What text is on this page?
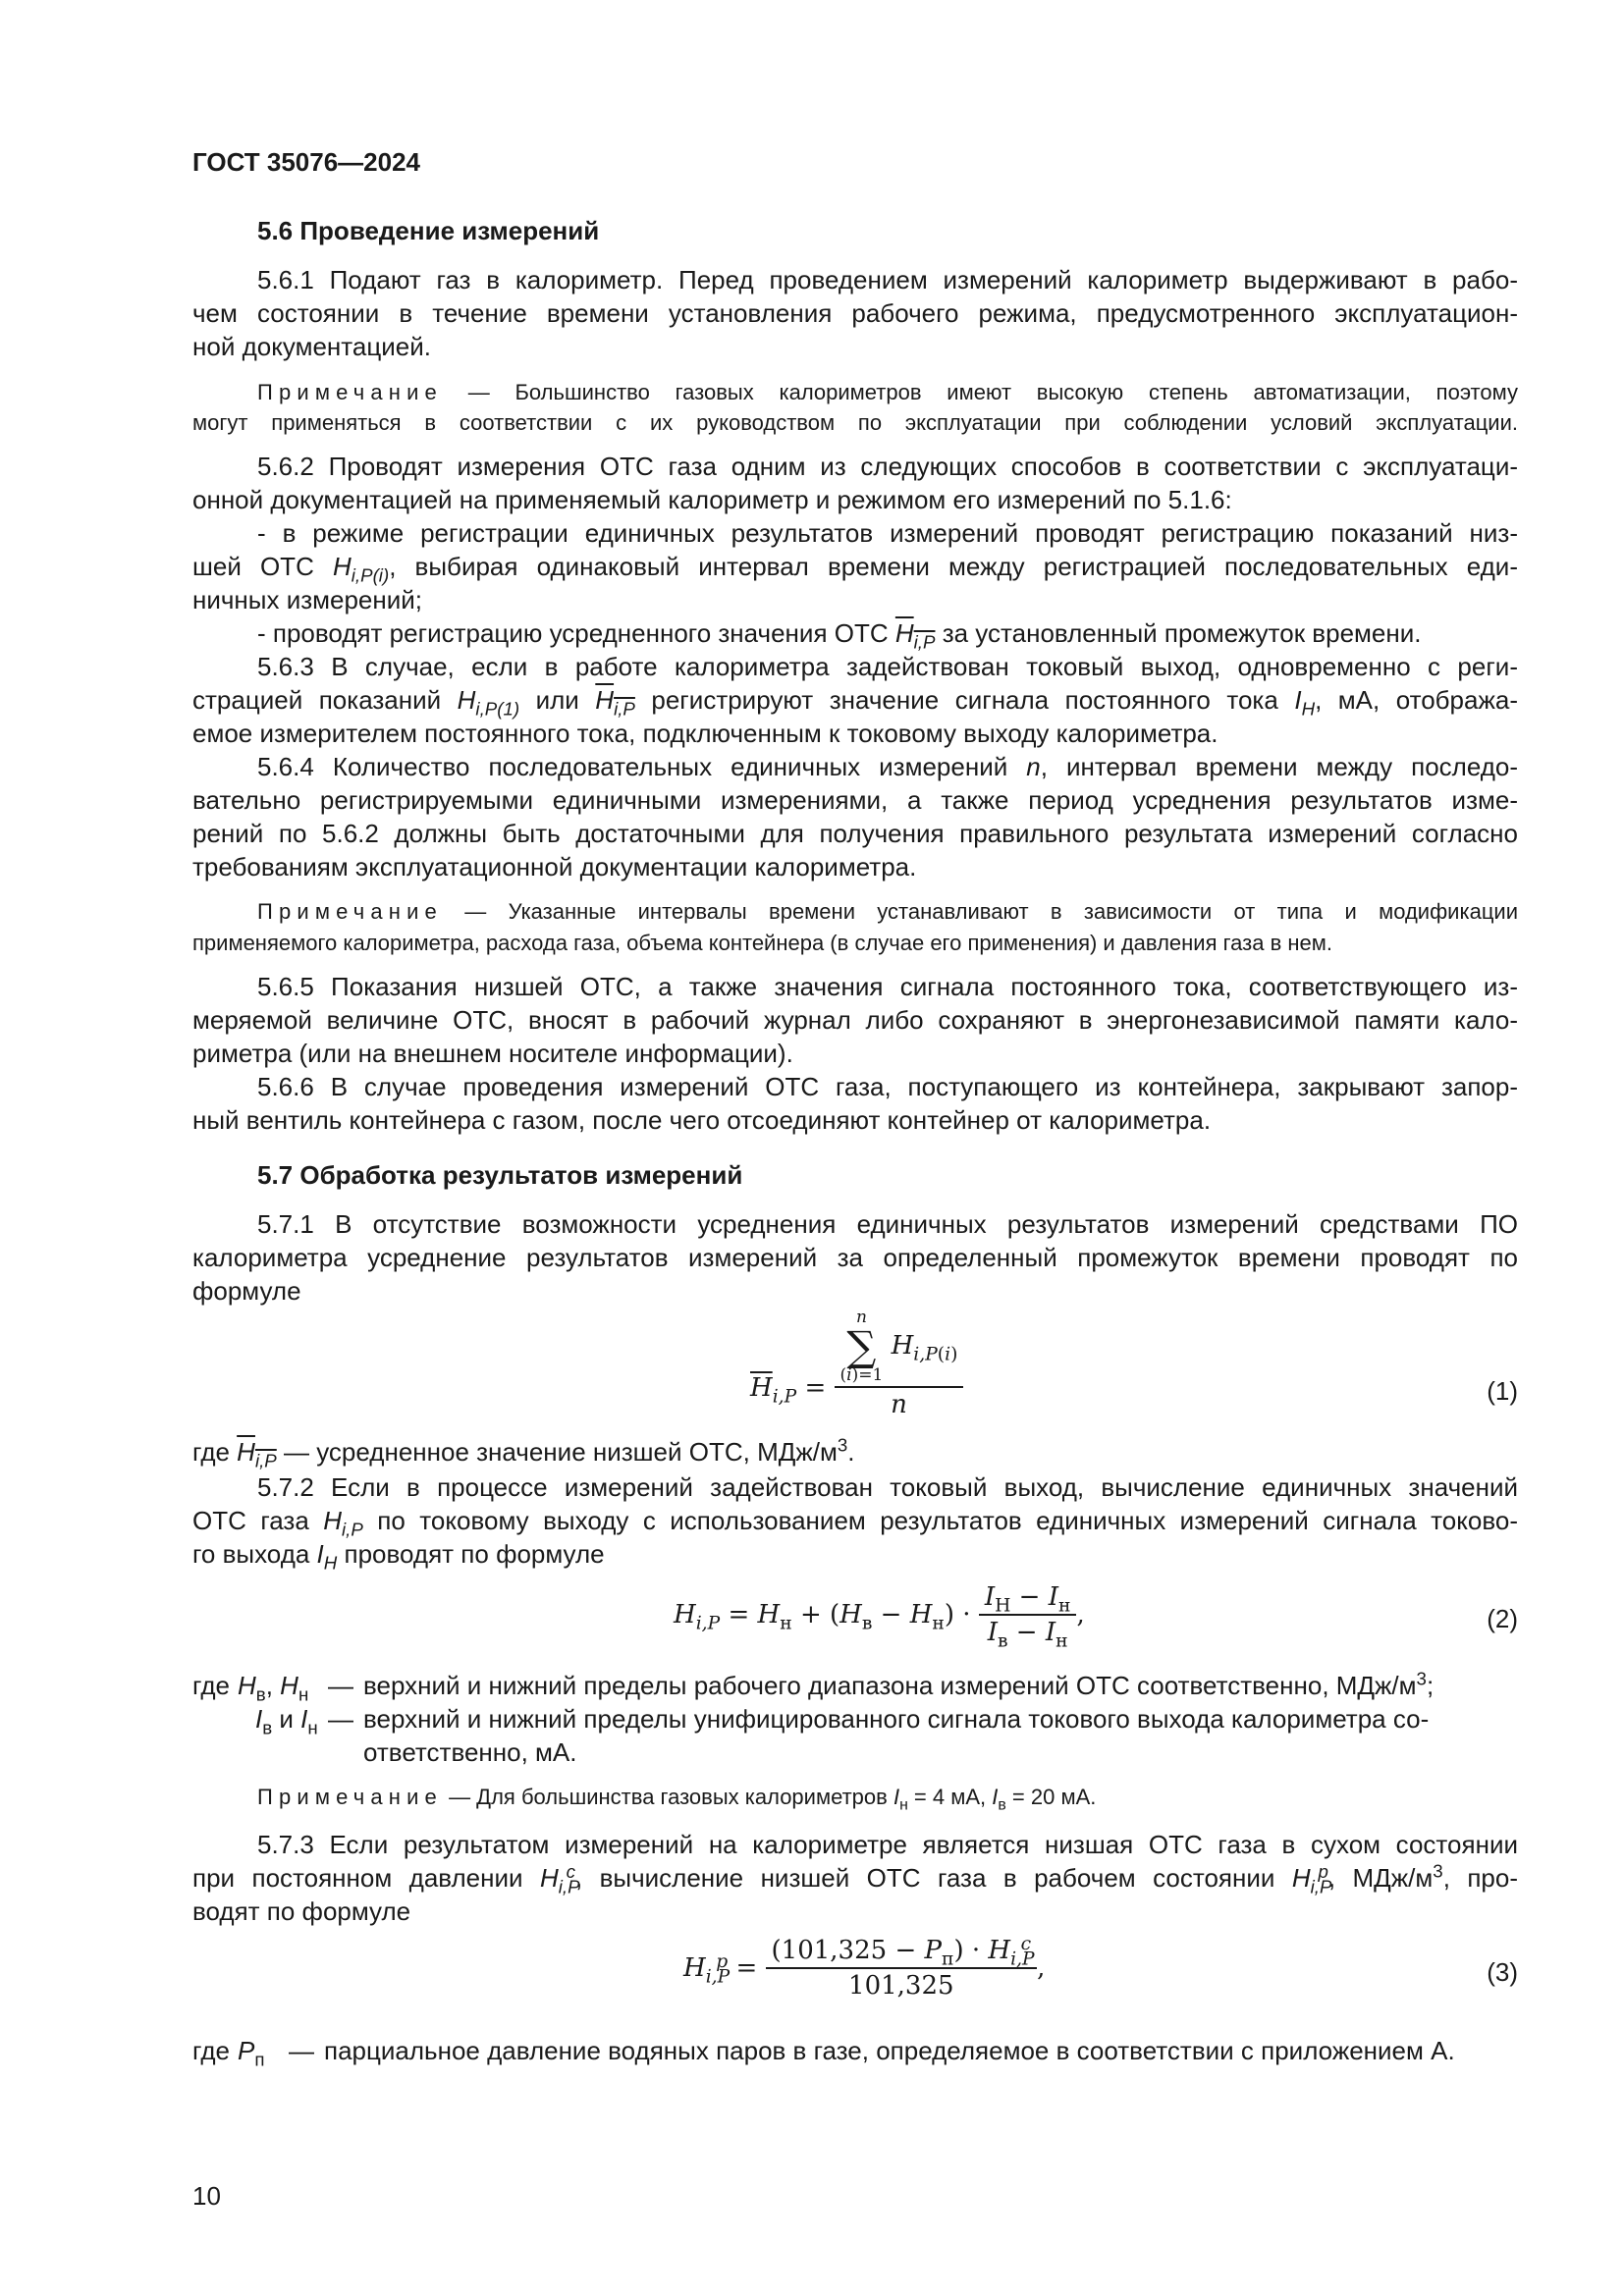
ГОСТ 35076—2024
5.6 Проведение измерений
5.6.1 Подают газ в калориметр. Перед проведением измерений калориметр выдерживают в рабо-
чем состоянии в течение времени установления рабочего режима, предусмотренного эксплуатацион-
ной документацией.
Примечание — Большинство газовых калориметров имеют высокую степень автоматизации, поэтому
могут применяться в соответствии с их руководством по эксплуатации при соблюдении условий эксплуатации.
5.6.2 Проводят измерения ОТС газа одним из следующих способов в соответствии с эксплуатаци-
онной документацией на применяемый калориметр и режимом его измерений по 5.1.6:
- в режиме регистрации единичных результатов измерений проводят регистрацию показаний низ-
шей ОТС $H_{i,P(i)}$, выбирая одинаковый интервал времени между регистрацией последовательных еди-
ничных измерений;
- проводят регистрацию усредненного значения ОТС $H_{i,P}$ за установленный промежуток времени.
5.6.3 В случае, если в работе калориметра задействован токовый выход, одновременно с реги-
страцией показаний $H_{i,P(1)}$ или $H_{i,P}$ регистрируют значение сигнала постоянного тока $I_H$, мА, отобража-
емое измерителем постоянного тока, подключенным к токовому выходу калориметра.
5.6.4 Количество последовательных единичных измерений n, интервал времени между последо-
вательно регистрируемыми единичными измерениями, а также период усреднения результатов изме-
рений по 5.6.2 должны быть достаточными для получения правильного результата измерений согласно
требованиям эксплуатационной документации калориметра.
Примечание — Указанные интервалы времени устанавливают в зависимости от типа и модификации
применяемого калориметра, расхода газа, объема контейнера (в случае его применения) и давления газа в нем.
5.6.5 Показания низшей ОТС, а также значения сигнала постоянного тока, соответствующего из-
меряемой величине ОТС, вносят в рабочий журнал либо сохраняют в энергонезависимой памяти кало-
риметра (или на внешнем носителе информации).
5.6.6 В случае проведения измерений ОТС газа, поступающего из контейнера, закрывают запор-
ный вентиль контейнера с газом, после чего отсоединяют контейнер от калориметра.
5.7 Обработка результатов измерений
5.7.1 В отсутствие возможности усреднения единичных результатов измерений средствами ПО
калориметра усреднение результатов измерений за определенный промежуток времени проводят по
формуле
$\overline{H}_{i,P} = n$
∑
(i)=1
$H_{i,P(i)}$
n	(1)
где $H_{i,P}$ — усредненное значение низшей ОТС, МДж/$м^3$.
5.7.2 Если в процессе измерений задействован токовый выход, вычисление единичных значений
ОТС газа $H_{i,P}$ по токовому выходу с использованием результатов единичных измерений сигнала токово-
го выхода $I_H$ проводят по формуле
$H_{i,P} = H_н + (H_в - H_н) \cdot \frac{I_H - I_н}{I_в - I_н}$ ,	(2)
где $H_в$, $H_н$ — верхний и нижний пределы рабочего диапазона измерений ОТС соответственно, МДж/$м^3$;
$I_в$ и $I_н$ — верхний и нижний пределы унифицированного сигнала токового выхода калориметра со-
ответственно, мА.
Примечание — Для большинства газовых калориметров $I_н = 4$ мА, $I_в = 20$ мА.
5.7.3 Если результатом измерений на калориметре является низшая ОТС газа в сухом состоянии
при постоянном давлении $H_{i,P}^c$, вычисление низшей ОТС газа в рабочем состоянии $H_{i,P}^p$, МДж/$м^3$, про-
водят по формуле
$H_{i,P}^p = \frac{(101,325 - P_п) \cdot H_{i,P}^c}{101,325}$ ,	(3)
где $P_п$ — парциальное давление водяных паров в газе, определяемое в соответствии с приложением А.
10
